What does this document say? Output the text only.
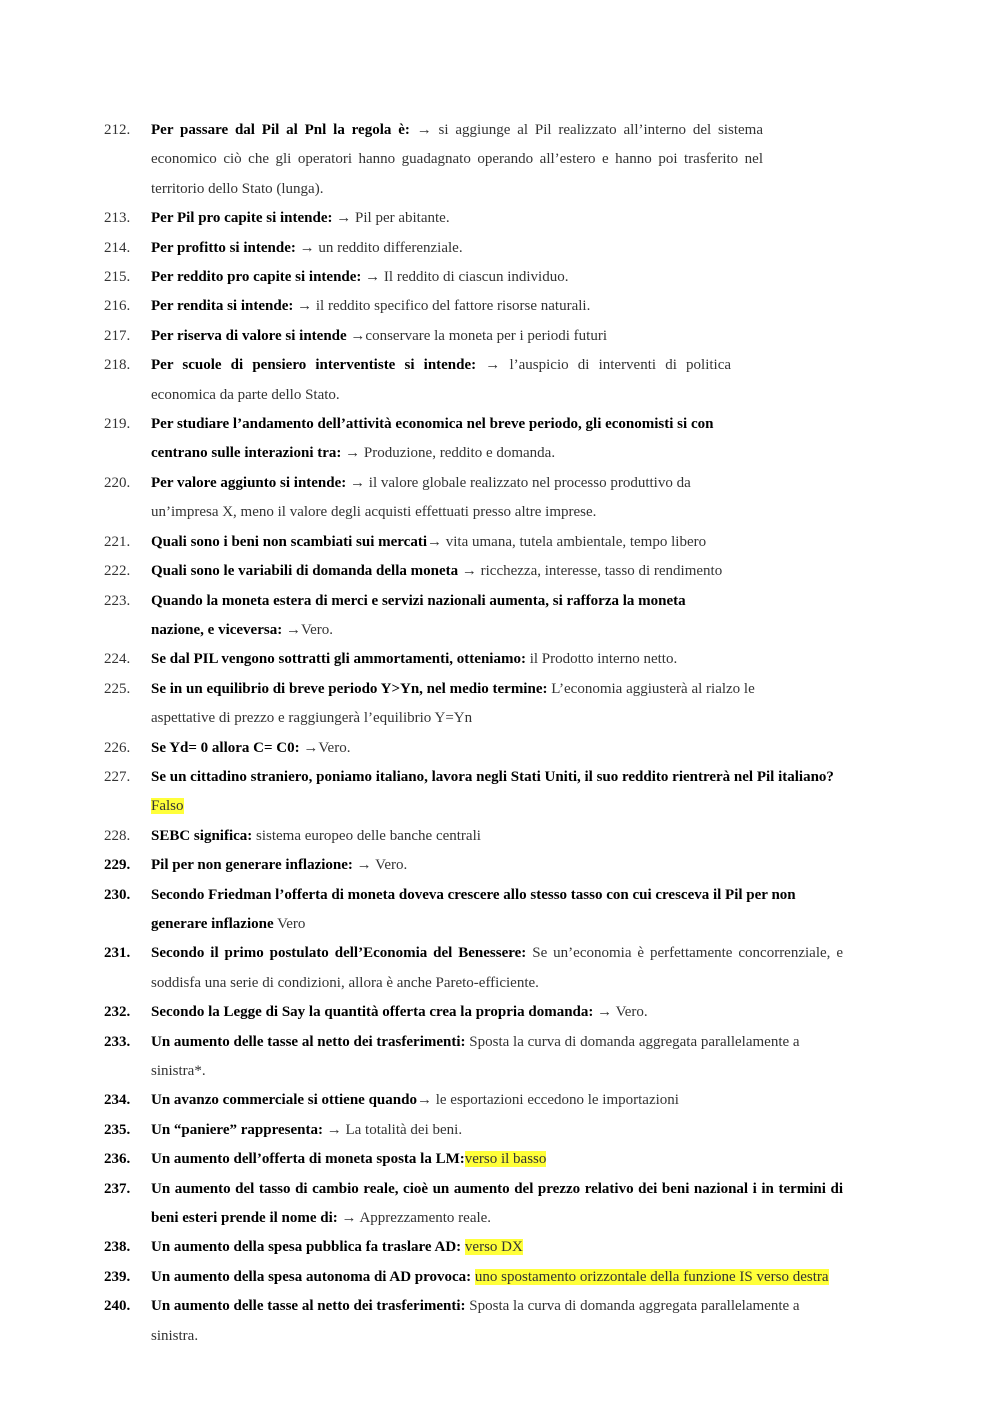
212.	Per passare dal Pil al Pnl la regola è: → si aggiunge al Pil realizzato all’interno del sistema economico ciò che gli operatori hanno guadagnato operando all’estero e hanno poi trasferito nel territorio dello Stato (lunga).
213.	Per Pil pro capite si intende: → Pil per abitante.
214.	Per profitto si intende: → un reddito differenziale.
215.	Per reddito pro capite si intende: → Il reddito di ciascun individuo.
216.	Per rendita si intende: → il reddito specifico del fattore risorse naturali.
217.	Per riserva di valore si intende →conservare la moneta per i periodi futuri
218.	Per scuole di pensiero interventiste si intende: → l’auspicio di interventi di politica economica da parte dello Stato.
219.	Per studiare l’andamento dell’attività economica nel breve periodo, gli economisti si con centrano sulle interazioni tra: → Produzione, reddito e domanda.
220.	Per valore aggiunto si intende: → il valore globale realizzato nel processo produttivo da un’impresa X, meno il valore degli acquisti effettuati presso altre imprese.
221.	Quali sono i beni non scambiati sui mercati→ vita umana, tutela ambientale, tempo libero
222.	Quali sono le variabili di domanda della moneta → ricchezza, interesse, tasso di rendimento
223.	Quando la moneta estera di merci e servizi nazionali aumenta, si rafforza la moneta nazione, e viceversa: →Vero.
224.	Se dal PIL vengono sottratti gli ammortamenti, otteniamo: il Prodotto interno netto.
225.	Se in un equilibrio di breve periodo Y>Yn, nel medio termine: L’economia aggiusterà al rialzo le aspettative di prezzo e raggiungerà l’equilibrio Y=Yn
226.	Se Yd= 0 allora C= C0: →Vero.
227.	Se un cittadino straniero, poniamo italiano, lavora negli Stati Uniti, il suo reddito rientrerà nel Pil italiano?
Falso
228.	SEBC significa: sistema europeo delle banche centrali
229.	Pil per non generare inflazione: → Vero.
230.	Secondo Friedman l’offerta di moneta doveva crescere allo stesso tasso con cui cresceva il Pil per non generare inflazione Vero
231.	Secondo il primo postulato dell’Economia del Benessere: Se un’economia è perfettamente concorrenziale, e soddisfa una serie di condizioni, allora è anche Pareto-efficiente.
232.	Secondo la Legge di Say la quantità offerta crea la propria domanda: → Vero.
233.	Un aumento delle tasse al netto dei trasferimenti: Sposta la curva di domanda aggregata parallelamente a sinistra*.
234.	Un avanzo commerciale si ottiene quando→ le esportazioni eccedono le importazioni
235.	Un “paniere” rappresenta: → La totalità dei beni.
236.	Un aumento dell’offerta di moneta sposta la LM:verso il basso
237.	Un aumento del tasso di cambio reale, cioè un aumento del prezzo relativo dei beni nazional i in termini di beni esteri prende il nome di: → Apprezzamento reale.
238.	Un aumento della spesa pubblica fa traslare AD: verso DX
239.	Un aumento della spesa autonoma di AD provoca: uno spostamento orizzontale della funzione IS verso destra
240.	Un aumento delle tasse al netto dei trasferimenti: Sposta la curva di domanda aggregata parallelamente a sinistra.
